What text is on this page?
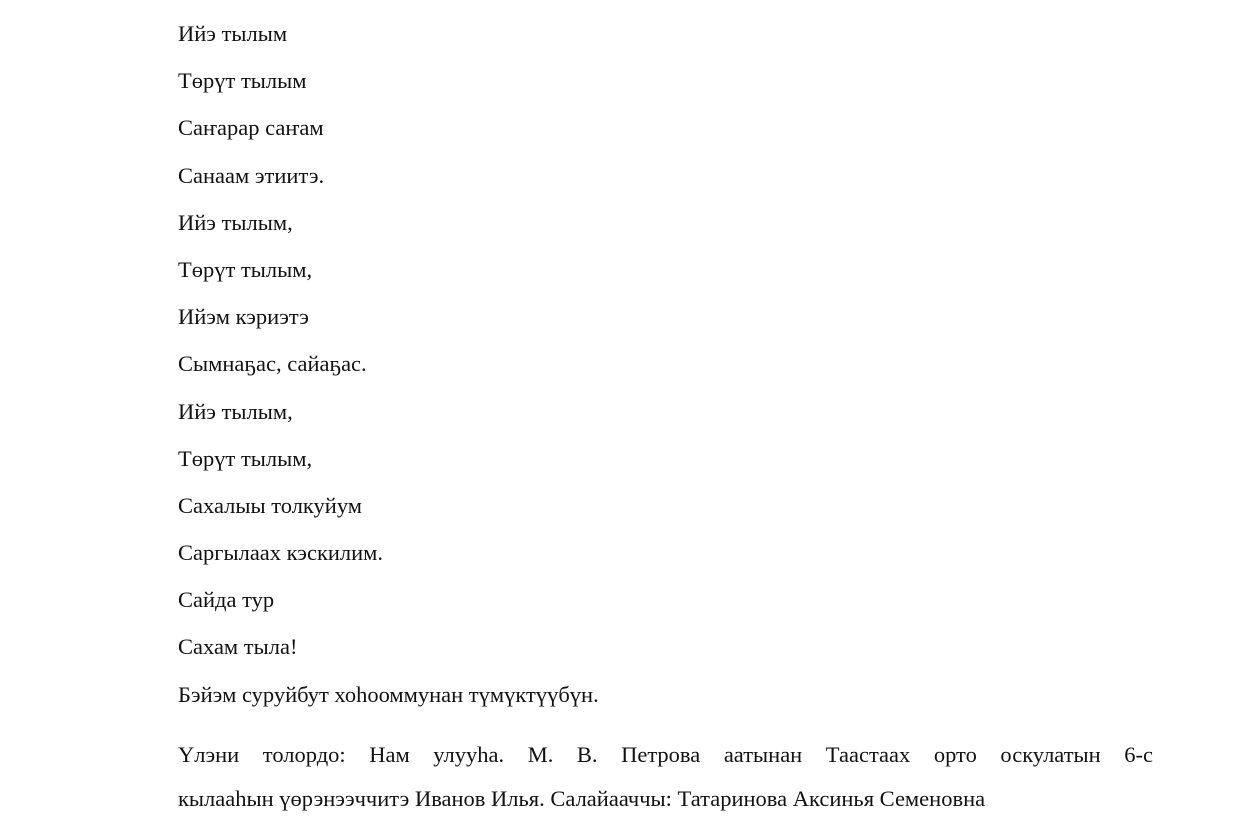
Ийэ тылым
Төрүт тылым
Саҥарар саҥам
Санаам этиитэ.
Ийэ тылым,
Төрүт тылым,
Ийэм кэриэтэ
Сымнаҕас, сайаҕас.
Ийэ тылым,
Төрүт тылым,
Сахалыы толкуйум
Саргылаах кэскилим.
Сайда тур
Сахам тыла!
Бэйэм суруйбут хоһооммунан түмүктүүбүн.

Үлэни толордо: Нам улууһа. М. В. Петрова аатынан Таастаах орто оскулатын 6-с
кылааһын үөрэнээччитэ Иванов Илья. Салайааччы: Татаринова Аксинья Семеновна
